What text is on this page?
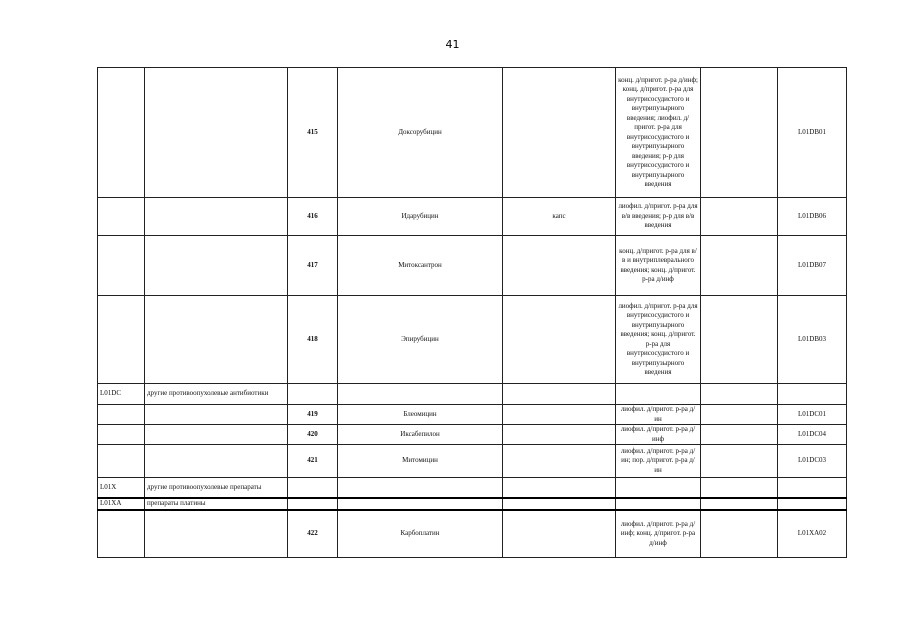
41
		415	Доксорубицин		конц. д/пригот. р-ра д/инф; конц. д/пригот. р-ра для внутрисосудистого и внутрипузырного введения; лиофил. д/пригот. р-ра для внутрисосудистого и внутрипузырного введения; р-р для внутрисосудистого и внутрипузырного введения		L01DB01
		416	Идарубицин	капс	лиофил. д/пригот. р-ра для в/в введения; р-р для в/в введения		L01DB06
		417	Митоксантрон		конц. д/пригот. р-ра для в/в и внутриплеврального введения; конц. д/пригот. р-ра д/инф		L01DB07
		418	Эпирубицин		лиофил. д/пригот. р-ра для внутрисосудистого и внутрипузырного введения; конц. д/пригот. р-ра для внутрисосудистого и внутрипузырного введения		L01DB03
L01DC	другие противоопухолевые антибиотики						
		419	Блеомицин		лиофил. д/пригот. р-ра д/ин		L01DC01
		420	Иксабепилон		лиофил. д/пригот. р-ра д/инф		L01DC04
		421	Митомицин		лиофил. д/пригот. р-ра д/ин; пор. д/пригот. р-ра д/ин		L01DC03
L01X	другие противоопухолевые препараты						
L01XA	препараты платины						
		422	Карбоплатин		лиофил. д/пригот. р-ра д/инф; конц. д/пригот. р-ра д/инф		L01XA02
